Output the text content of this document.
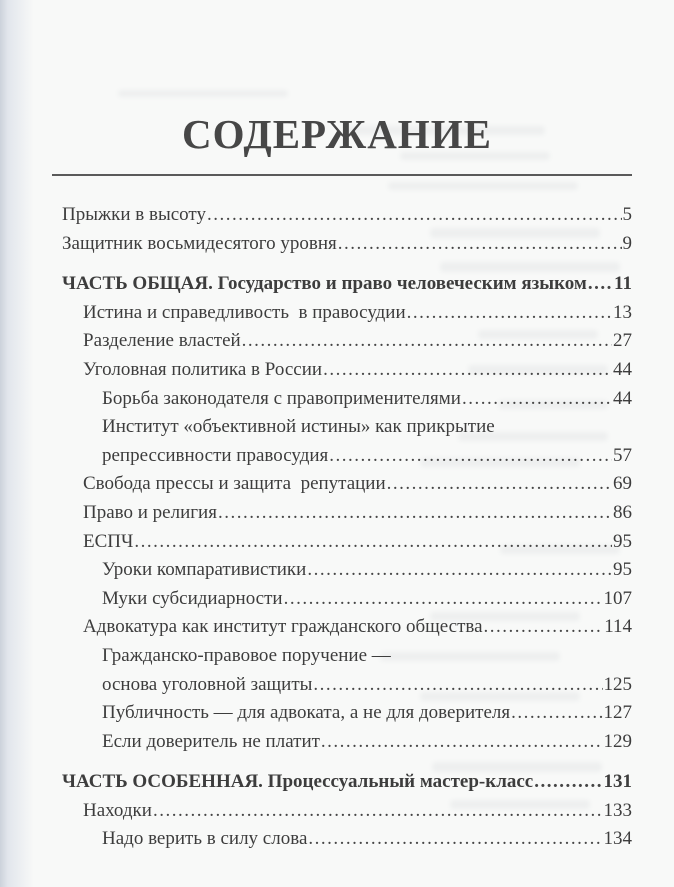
СОДЕРЖАНИЕ
Прыжки в высоту .....	5
Защитник восьмидесятого уровня .....	9
ЧАСТЬ ОБЩАЯ. Государство и право человеческим языком ..... 11
Истина и справедливость  в правосудии .....	13
Разделение властей .....	27
Уголовная политика в России .....	44
Борьба законодателя с правоприменителями .....	44
Институт «объективной истины» как прикрытие
репрессивности правосудия .....	57
Свобода прессы и защита  репутации .....	69
Право и религия .....	86
ЕСПЧ .....	95
Уроки компаративистики .....	95
Муки субсидиарности .....	107
Адвокатура как институт гражданского общества .....	114
Гражданско-правовое поручение —
основа уголовной защиты .....	125
Публичность — для адвоката, а не для доверителя .....	127
Если доверитель не платит .....	129
ЧАСТЬ ОСОБЕННАЯ. Процессуальный мастер-класс .....	131
Находки .....	133
Надо верить в силу слова .....	134
